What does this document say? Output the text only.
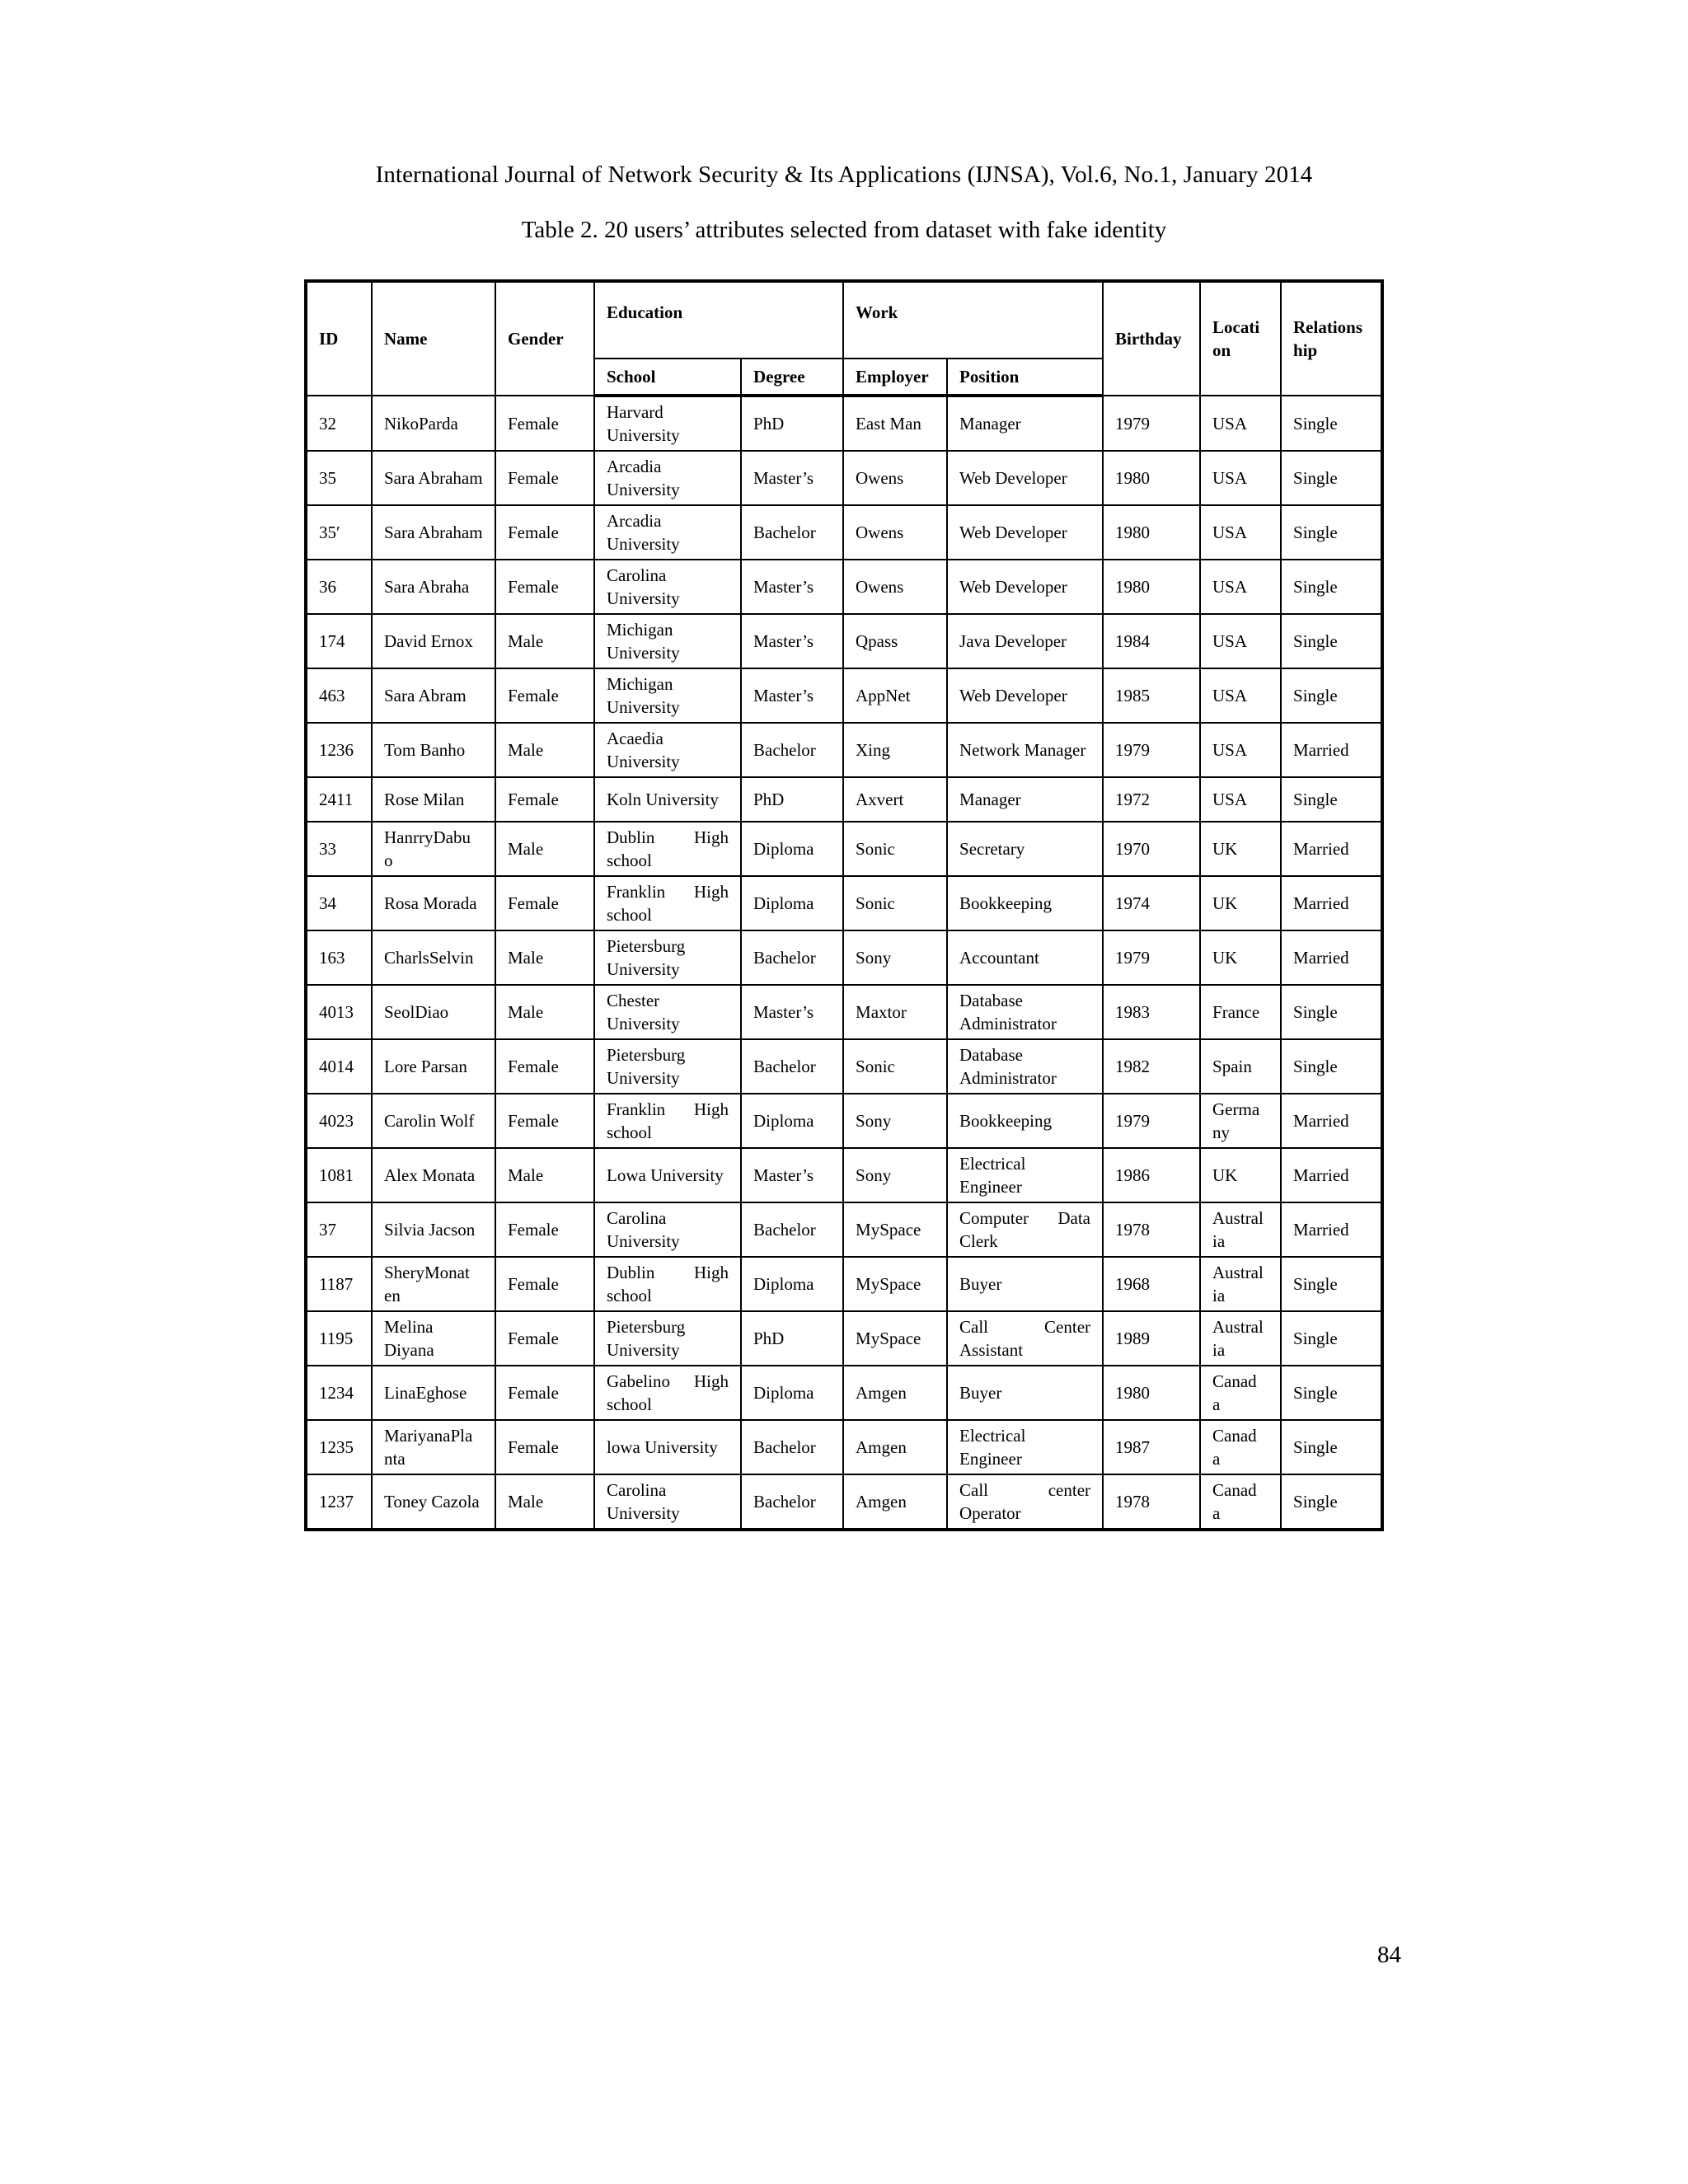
International Journal of Network Security & Its Applications (IJNSA), Vol.6, No.1, January 2014
Table 2. 20 users’ attributes selected from dataset with fake identity
ID	Name	Gender	Education		Work		Birthday	Locati on	Relations hip
			School	Degree	Employer	Position			
32	NikoParda	Female	Harvard University	PhD	East Man	Manager	1979	USA	Single
35	Sara Abraham	Female	Arcadia University	Master’s	Owens	Web Developer	1980	USA	Single
35′	Sara Abraham	Female	Arcadia University	Bachelor	Owens	Web Developer	1980	USA	Single
36	Sara Abraha	Female	Carolina University	Master’s	Owens	Web Developer	1980	USA	Single
174	David Ernox	Male	Michigan University	Master’s	Qpass	Java Developer	1984	USA	Single
463	Sara Abram	Female	Michigan University	Master’s	AppNet	Web Developer	1985	USA	Single
1236	Tom Banho	Male	Acaedia University	Bachelor	Xing	Network Manager	1979	USA	Married
2411	Rose Milan	Female	Koln University	PhD	Axvert	Manager	1972	USA	Single
33	HanrryDabu o	Male	Dublin High school	Diploma	Sonic	Secretary	1970	UK	Married
34	Rosa Morada	Female	Franklin High school	Diploma	Sonic	Bookkeeping	1974	UK	Married
163	CharlsSelvin	Male	Pietersburg University	Bachelor	Sony	Accountant	1979	UK	Married
4013	SeolDiao	Male	Chester University	Master’s	Maxtor	Database Administrator	1983	France	Single
4014	Lore Parsan	Female	Pietersburg University	Bachelor	Sonic	Database Administrator	1982	Spain	Single
4023	Carolin Wolf	Female	Franklin High school	Diploma	Sony	Bookkeeping	1979	Germa ny	Married
1081	Alex Monata	Male	Lowa University	Master’s	Sony	Electrical Engineer	1986	UK	Married
37	Silvia Jacson	Female	Carolina University	Bachelor	MySpace	Computer Data Clerk	1978	Austral ia	Married
1187	SheryMonat en	Female	Dublin High school	Diploma	MySpace	Buyer	1968	Austral ia	Single
1195	Melina Diyana	Female	Pietersburg University	PhD	MySpace	Call Center Assistant	1989	Austral ia	Single
1234	LinaEghose	Female	Gabelino High school	Diploma	Amgen	Buyer	1980	Canad a	Single
1235	MariyanaPla nta	Female	lowa University	Bachelor	Amgen	Electrical Engineer	1987	Canad a	Single
1237	Toney Cazola	Male	Carolina University	Bachelor	Amgen	Call center Operator	1978	Canad a	Single
84
